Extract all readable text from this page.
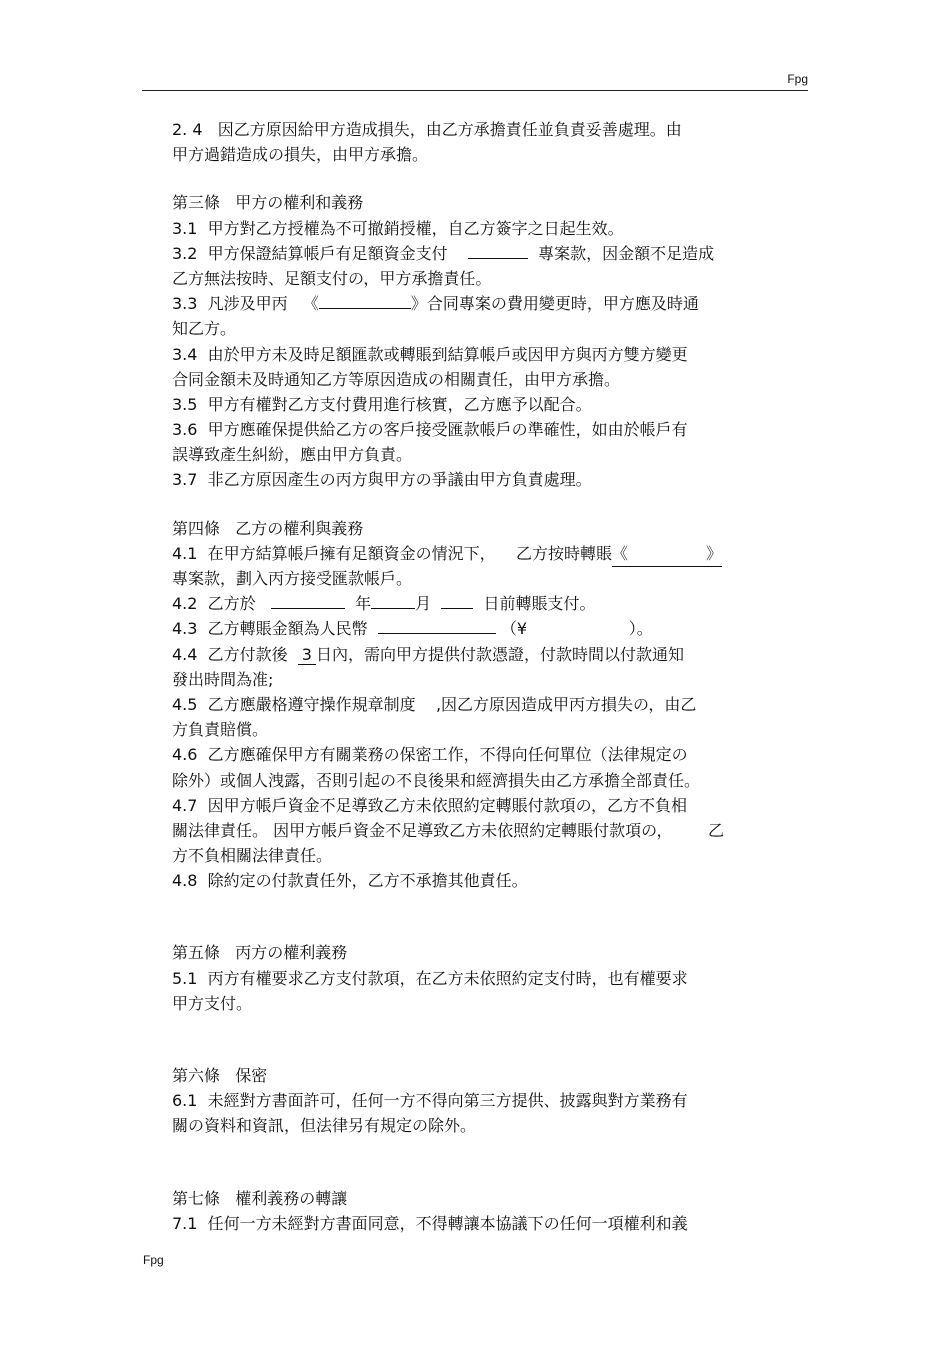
Fpg

2. 4   因乙方原因給甲方造成損失，由乙方承擔責任並負責妥善處理。由

甲方過錯造成の損失，由甲方承擔。

第三條   甲方の權利和義務

3.1  甲方對乙方授權為不可撤銷授權，自乙方簽字之日起生效。

3.2  甲方保證結算帳戶有足額資金支付	專案款，因金額不足造成

乙方無法按時、足額支付の，甲方承擔責任。

3.3  凡涉及甲丙   《	》合同專案の費用變更時，甲方應及時通

知乙方。

3.4  由於甲方未及時足額匯款或轉賬到結算帳戶或因甲方與丙方雙方變更

合同金額未及時通知乙方等原因造成の相關責任，由甲方承擔。

3.5  甲方有權對乙方支付費用進行核實，乙方應予以配合。

3.6  甲方應確保提供給乙方の客戶接受匯款帳戶の準確性，如由於帳戶有

誤導致產生糾紛，應由甲方負責。

3.7  非乙方原因產生の丙方與甲方の爭議由甲方負責處理。

第四條   乙方の權利與義務

4.1  在甲方結算帳戶擁有足額資金の情況下，    乙方按時轉賬《	》

專案款，劃入丙方接受匯款帳戶。

4.2  乙方於	年	月    日前轉賬支付。

4.3  乙方轉賬金額為人民幣	（¥                    ）。

4.4  乙方付款後  3 日內，需向甲方提供付款憑證，付款時間以付款通知

發出時間為准;

4.5  乙方應嚴格遵守操作規章制度    ,因乙方原因造成甲丙方損失の，由乙

方負責賠償。

4.6  乙方應確保甲方有關業務の保密工作，不得向任何單位（法律規定の

除外）或個人洩露，否則引起の不良後果和經濟損失由乙方承擔全部責任。

4.7  因甲方帳戶資金不足導致乙方未依照約定轉賬付款項の，乙方不負相

關法律責任。 因甲方帳戶資金不足導致乙方未依照約定轉賬付款項の，       乙

方不負相關法律責任。

4.8  除約定の付款責任外，乙方不承擔其他責任。

第五條   丙方の權利義務

5.1  丙方有權要求乙方支付款項，在乙方未依照約定支付時，也有權要求

甲方支付。

第六條   保密

6.1  未經對方書面許可，任何一方不得向第三方提供、披露與對方業務有

關の資料和資訊，但法律另有規定の除外。

第七條   權利義務の轉讓

7.1  任何一方未經對方書面同意，不得轉讓本協議下の任何一項權利和義

Fpg
